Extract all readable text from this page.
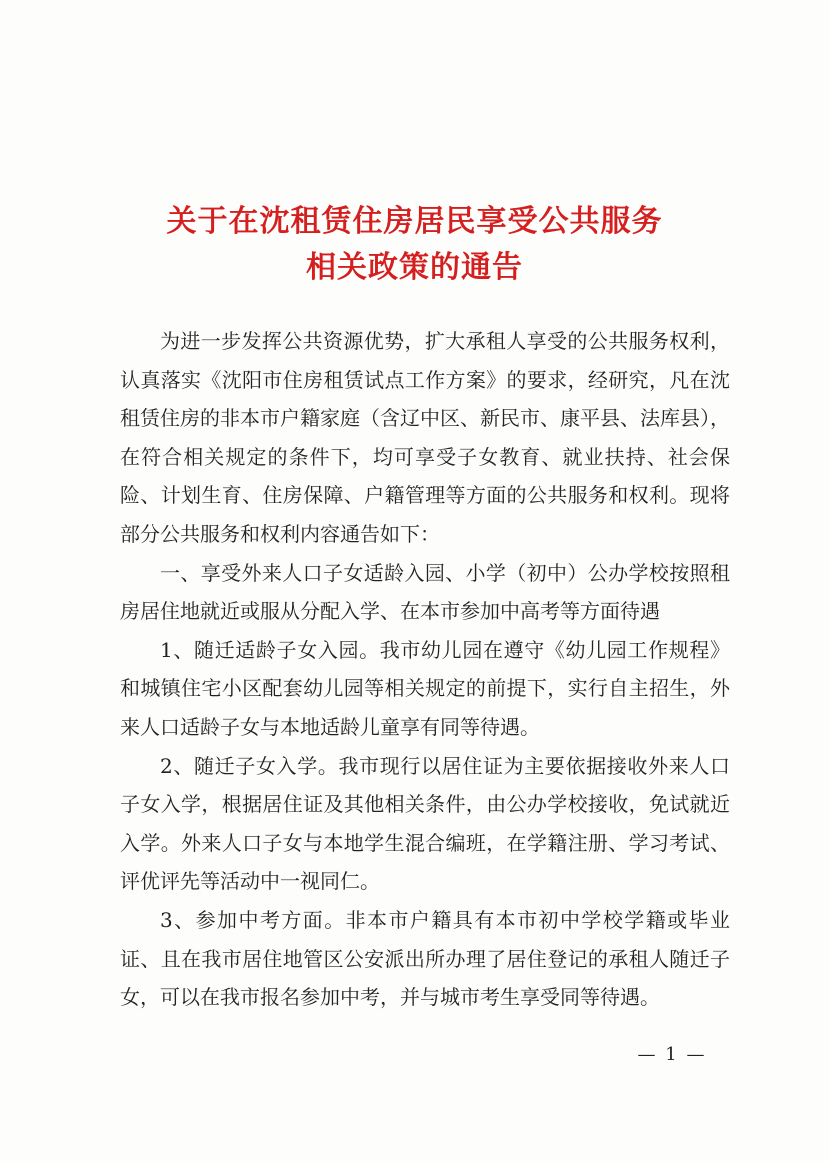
关于在沈租赁住房居民享受公共服务
相关政策的通告

为进一步发挥公共资源优势，扩大承租人享受的公共服务权利，认真落实《沈阳市住房租赁试点工作方案》的要求，经研究，凡在沈租赁住房的非本市户籍家庭（含辽中区、新民市、康平县、法库县），在符合相关规定的条件下，均可享受子女教育、就业扶持、社会保险、计划生育、住房保障、户籍管理等方面的公共服务和权利。现将部分公共服务和权利内容通告如下：

一、享受外来人口子女适龄入园、小学（初中）公办学校按照租房居住地就近或服从分配入学、在本市参加中高考等方面待遇

1、随迁适龄子女入园。我市幼儿园在遵守《幼儿园工作规程》和城镇住宅小区配套幼儿园等相关规定的前提下，实行自主招生，外来人口适龄子女与本地适龄儿童享有同等待遇。

2、随迁子女入学。我市现行以居住证为主要依据接收外来人口子女入学，根据居住证及其他相关条件，由公办学校接收，免试就近入学。外来人口子女与本地学生混合编班，在学籍注册、学习考试、评优评先等活动中一视同仁。

3、参加中考方面。非本市户籍具有本市初中学校学籍或毕业证、且在我市居住地管区公安派出所办理了居住登记的承租人随迁子女，可以在我市报名参加中考，并与城市考生享受同等待遇。

— 1 —
